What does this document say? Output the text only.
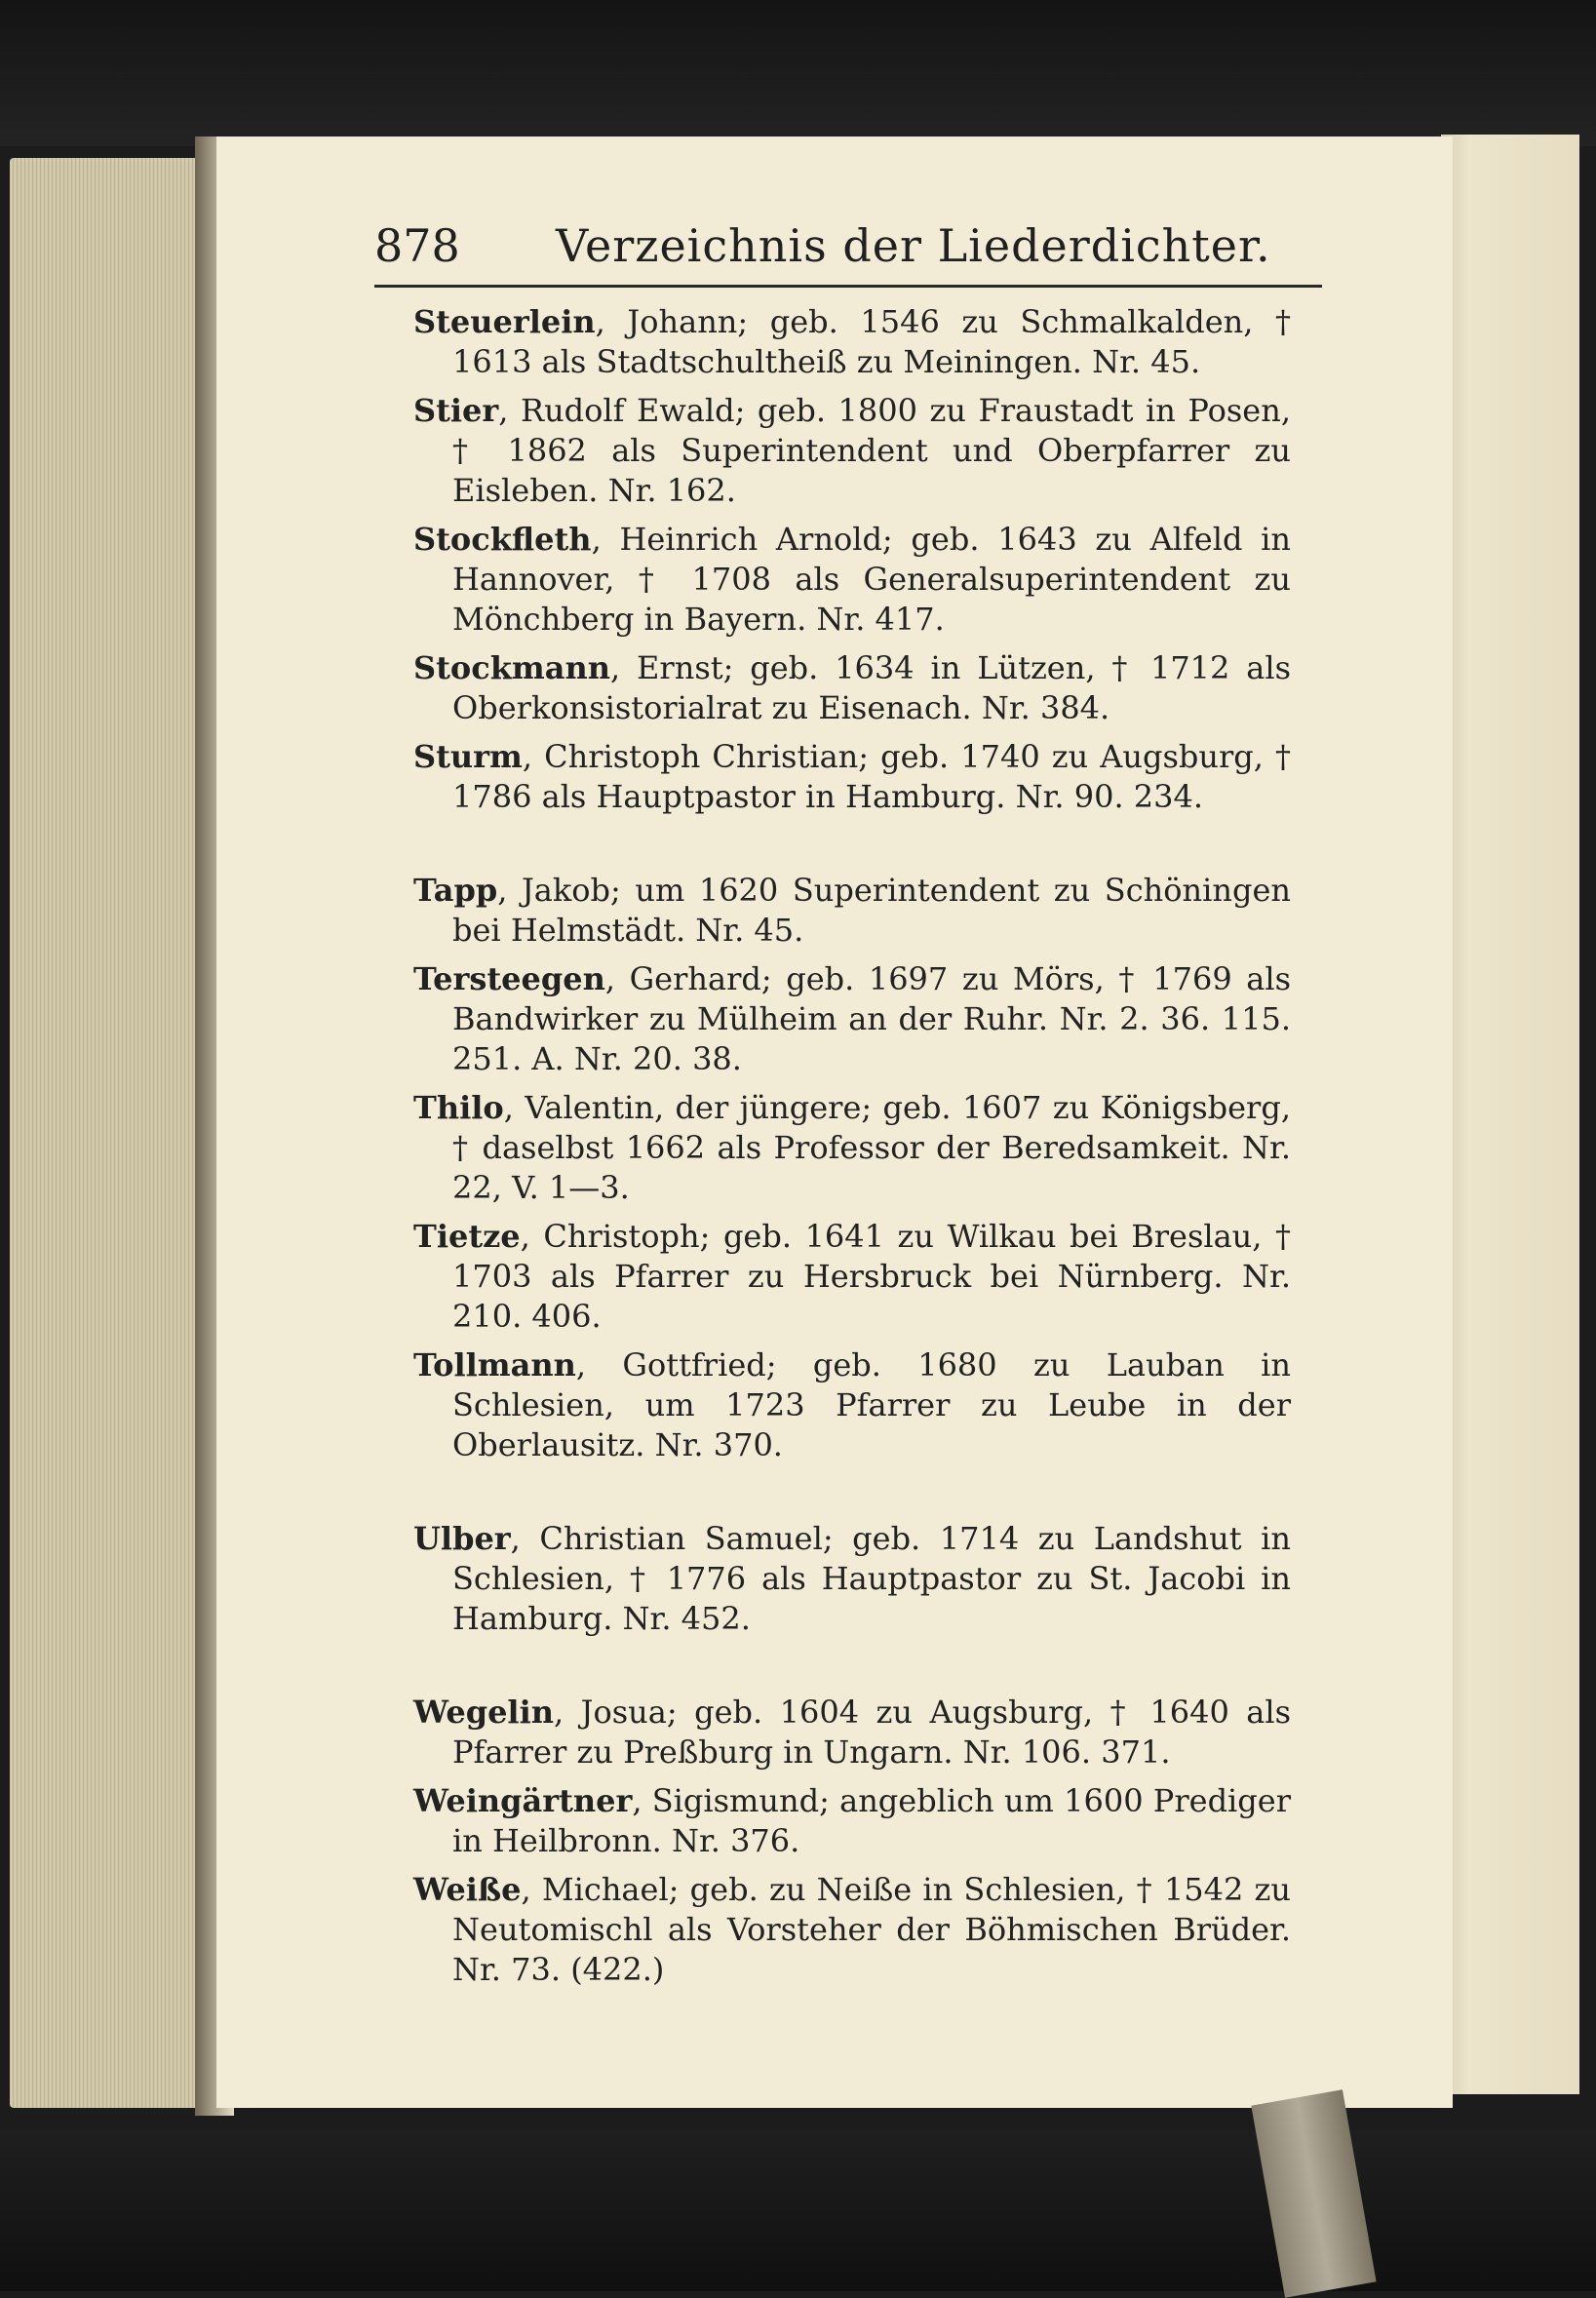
878 Verzeichnis der Liederdichter.
Steuerlein, Johann; geb. 1546 zu Schmalkalden, † 1613 als Stadtschultheiß zu Meiningen. Nr. 45.
Stier, Rudolf Ewald; geb. 1800 zu Fraustadt in Posen, † 1862 als Superintendent und Oberpfarrer zu Eisleben. Nr. 162.
Stockfleth, Heinrich Arnold; geb. 1643 zu Alfeld in Hannover, † 1708 als Generalsuperintendent zu Mönchberg in Bayern. Nr. 417.
Stockmann, Ernst; geb. 1634 in Lützen, † 1712 als Oberkonsistorialrat zu Eisenach. Nr. 384.
Sturm, Christoph Christian; geb. 1740 zu Augsburg, † 1786 als Hauptpastor in Hamburg. Nr. 90. 234.
Tapp, Jakob; um 1620 Superintendent zu Schöningen bei Helmstädt. Nr. 45.
Tersteegen, Gerhard; geb. 1697 zu Mörs, † 1769 als Bandwirker zu Mülheim an der Ruhr. Nr. 2. 36. 115. 251. A. Nr. 20. 38.
Thilo, Valentin, der jüngere; geb. 1607 zu Königsberg, † daselbst 1662 als Professor der Beredsamkeit. Nr. 22, V. 1—3.
Tietze, Christoph; geb. 1641 zu Wilkau bei Breslau, † 1703 als Pfarrer zu Hersbruck bei Nürnberg. Nr. 210. 406.
Tollmann, Gottfried; geb. 1680 zu Lauban in Schlesien, um 1723 Pfarrer zu Leube in der Oberlausitz. Nr. 370.
Ulber, Christian Samuel; geb. 1714 zu Landshut in Schlesien, † 1776 als Hauptpastor zu St. Jacobi in Hamburg. Nr. 452.
Wegelin, Josua; geb. 1604 zu Augsburg, † 1640 als Pfarrer zu Preßburg in Ungarn. Nr. 106. 371.
Weingärtner, Sigismund; angeblich um 1600 Prediger in Heilbronn. Nr. 376.
Weiße, Michael; geb. zu Neiße in Schlesien, † 1542 zu Neutomischl als Vorsteher der Böhmischen Brüder. Nr. 73. (422.)
